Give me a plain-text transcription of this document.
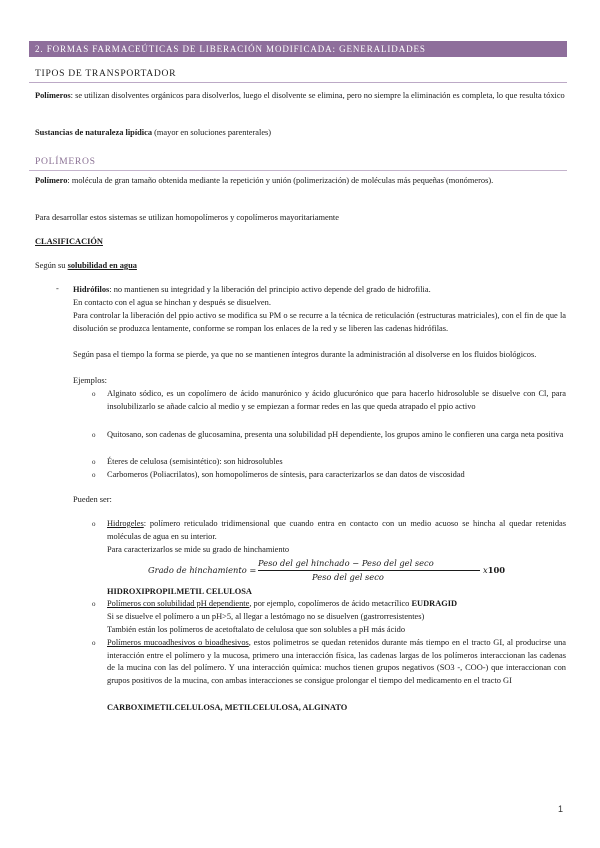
2. FORMAS FARMACEÚTICAS DE LIBERACIÓN MODIFICADA: GENERALIDADES
TIPOS DE TRANSPORTADOR
Polímeros: se utilizan disolventes orgánicos para disolverlos, luego el disolvente se elimina, pero no siempre la eliminación es completa, lo que resulta tóxico
Sustancias de naturaleza lipídica (mayor en soluciones parenterales)
POLÍMEROS
Polímero: molécula de gran tamaño obtenida mediante la repetición y unión (polimerización) de moléculas más pequeñas (monómeros).
Para desarrollar estos sistemas se utilizan homopolímeros y copolímeros mayoritariamente
CLASIFICACIÓN
Según su solubilidad en agua
- Hidrófilos: no mantienen su integridad y la liberación del principio activo depende del grado de hidrofilia.
En contacto con el agua se hinchan y después se disuelven.
Para controlar la liberación del ppio activo se modifica su PM o se recurre a la técnica de reticulación (estructuras matriciales), con el fin de que la disolución se produzca lentamente, conforme se rompan los enlaces de la red y se liberen las cadenas hidrófilas.
Según pasa el tiempo la forma se pierde, ya que no se mantienen íntegros durante la administración al disolverse en los fluidos biológicos.
Ejemplos:
o Alginato sódico, es un copolímero de ácido manurónico y ácido glucurónico que para hacerlo hidrosoluble se disuelve con Cl, para insolubilizarlo se añade calcio al medio y se empiezan a formar redes en las que queda atrapado el ppio activo
o Quitosano, son cadenas de glucosamina, presenta una solubilidad pH dependiente, los grupos amino le confieren una carga neta positiva
o Éteres de celulosa (semisintético): son hidrosolubles
o Carbomeros (Poliacrilatos), son homopolímeros de síntesis, para caracterizarlos se dan datos de viscosidad
Pueden ser:
o Hidrogeles: polímero reticulado tridimensional que cuando entra en contacto con un medio acuoso se hincha al quedar retenidas moléculas de agua en su interior.
Para caracterizarlos se mide su grado de hinchamiento
Grado de hinchamiento =
Peso del gel hinchado − Peso del gel seco
Peso del gel seco
x100
HIDROXIPROPILMETIL CELULOSA
o Polímeros con solubilidad pH dependiente, por ejemplo, copolímeros de ácido metacrílico EUDRAGID
Si se disuelve el polímero a un pH>5, al llegar a lestómago no se disuelven (gastrorresistentes)
También están los polímeros de acetoftalato de celulosa que son solubles a pH más ácido
o Polímeros mucoadhesivos o bioadhesivos, estos polimetros se quedan retenidos durante más tiempo en el tracto GI, al producirse una interacción entre el polímero y la mucosa, primero una interacción física, las cadenas largas de los polímeros interaccionan las cadenas de la mucina con las del polímero. Y una interacción química: muchos tienen grupos negativos (SO3 -, COO-) que interaccionan con grupos positivos de la mucina, con ambas interacciones se consigue prolongar el tiempo del medicamento en el tracto GI
CARBOXIMETILCELULOSA, METILCELULOSA, ALGINATO
1
